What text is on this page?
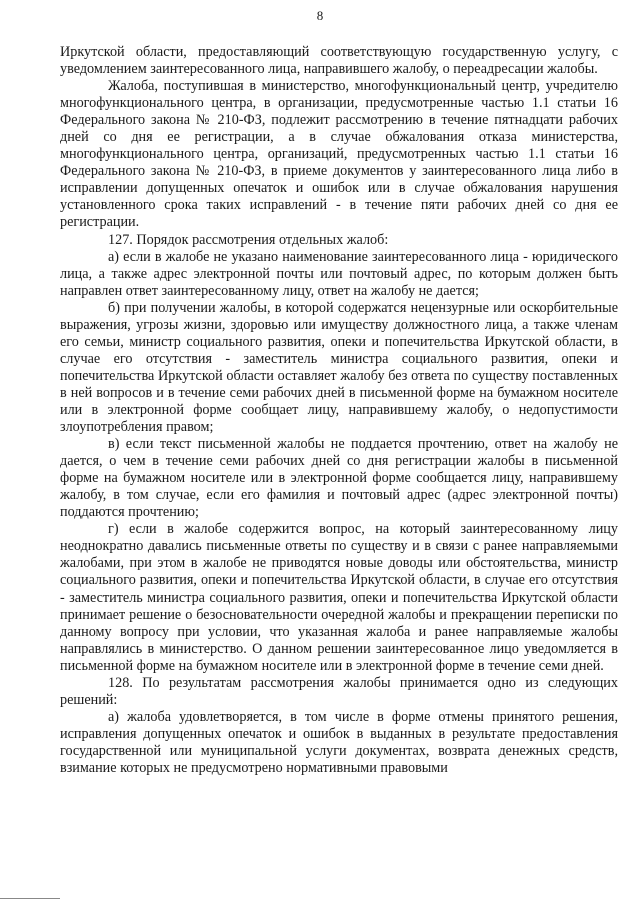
8

Иркутской области, предоставляющий соответствующую государственную услугу, с уведомлением заинтересованного лица, направившего жалобу, о переадресации жалобы.

Жалоба, поступившая в министерство, многофункциональный центр, учредителю многофункционального центра, в организации, предусмотренные частью 1.1 статьи 16 Федерального закона № 210-ФЗ, подлежит рассмотрению в течение пятнадцати рабочих дней со дня ее регистрации, а в случае обжалования отказа министерства, многофункционального центра, организаций, предусмотренных частью 1.1 статьи 16 Федерального закона № 210-ФЗ, в приеме документов у заинтересованного лица либо в исправлении допущенных опечаток и ошибок или в случае обжалования нарушения установленного срока таких исправлений - в течение пяти рабочих дней со дня ее регистрации.

127. Порядок рассмотрения отдельных жалоб:

а) если в жалобе не указано наименование заинтересованного лица - юридического лица, а также адрес электронной почты или почтовый адрес, по которым должен быть направлен ответ заинтересованному лицу, ответ на жалобу не дается;

б) при получении жалобы, в которой содержатся нецензурные или оскорбительные выражения, угрозы жизни, здоровью или имуществу должностного лица, а также членам его семьи, министр социального развития, опеки и попечительства Иркутской области, в случае его отсутствия - заместитель министра социального развития, опеки и попечительства Иркутской области оставляет жалобу без ответа по существу поставленных в ней вопросов и в течение семи рабочих дней в письменной форме на бумажном носителе или в электронной форме сообщает лицу, направившему жалобу, о недопустимости злоупотребления правом;

в) если текст письменной жалобы не поддается прочтению, ответ на жалобу не дается, о чем в течение семи рабочих дней со дня регистрации жалобы в письменной форме на бумажном носителе или в электронной форме сообщается лицу, направившему жалобу, в том случае, если его фамилия и почтовый адрес (адрес электронной почты) поддаются прочтению;

г) если в жалобе содержится вопрос, на который заинтересованному лицу неоднократно давались письменные ответы по существу и в связи с ранее направляемыми жалобами, при этом в жалобе не приводятся новые доводы или обстоятельства, министр социального развития, опеки и попечительства Иркутской области, в случае его отсутствия - заместитель министра социального развития, опеки и попечительства Иркутской области принимает решение о безосновательности очередной жалобы и прекращении переписки по данному вопросу при условии, что указанная жалоба и ранее направляемые жалобы направлялись в министерство. О данном решении заинтересованное лицо уведомляется в письменной форме на бумажном носителе или в электронной форме в течение семи дней.

128. По результатам рассмотрения жалобы принимается одно из следующих решений:

а) жалоба удовлетворяется, в том числе в форме отмены принятого решения, исправления допущенных опечаток и ошибок в выданных в результате предоставления государственной или муниципальной услуги документах, возврата денежных средств, взимание которых не предусмотрено нормативными правовыми
